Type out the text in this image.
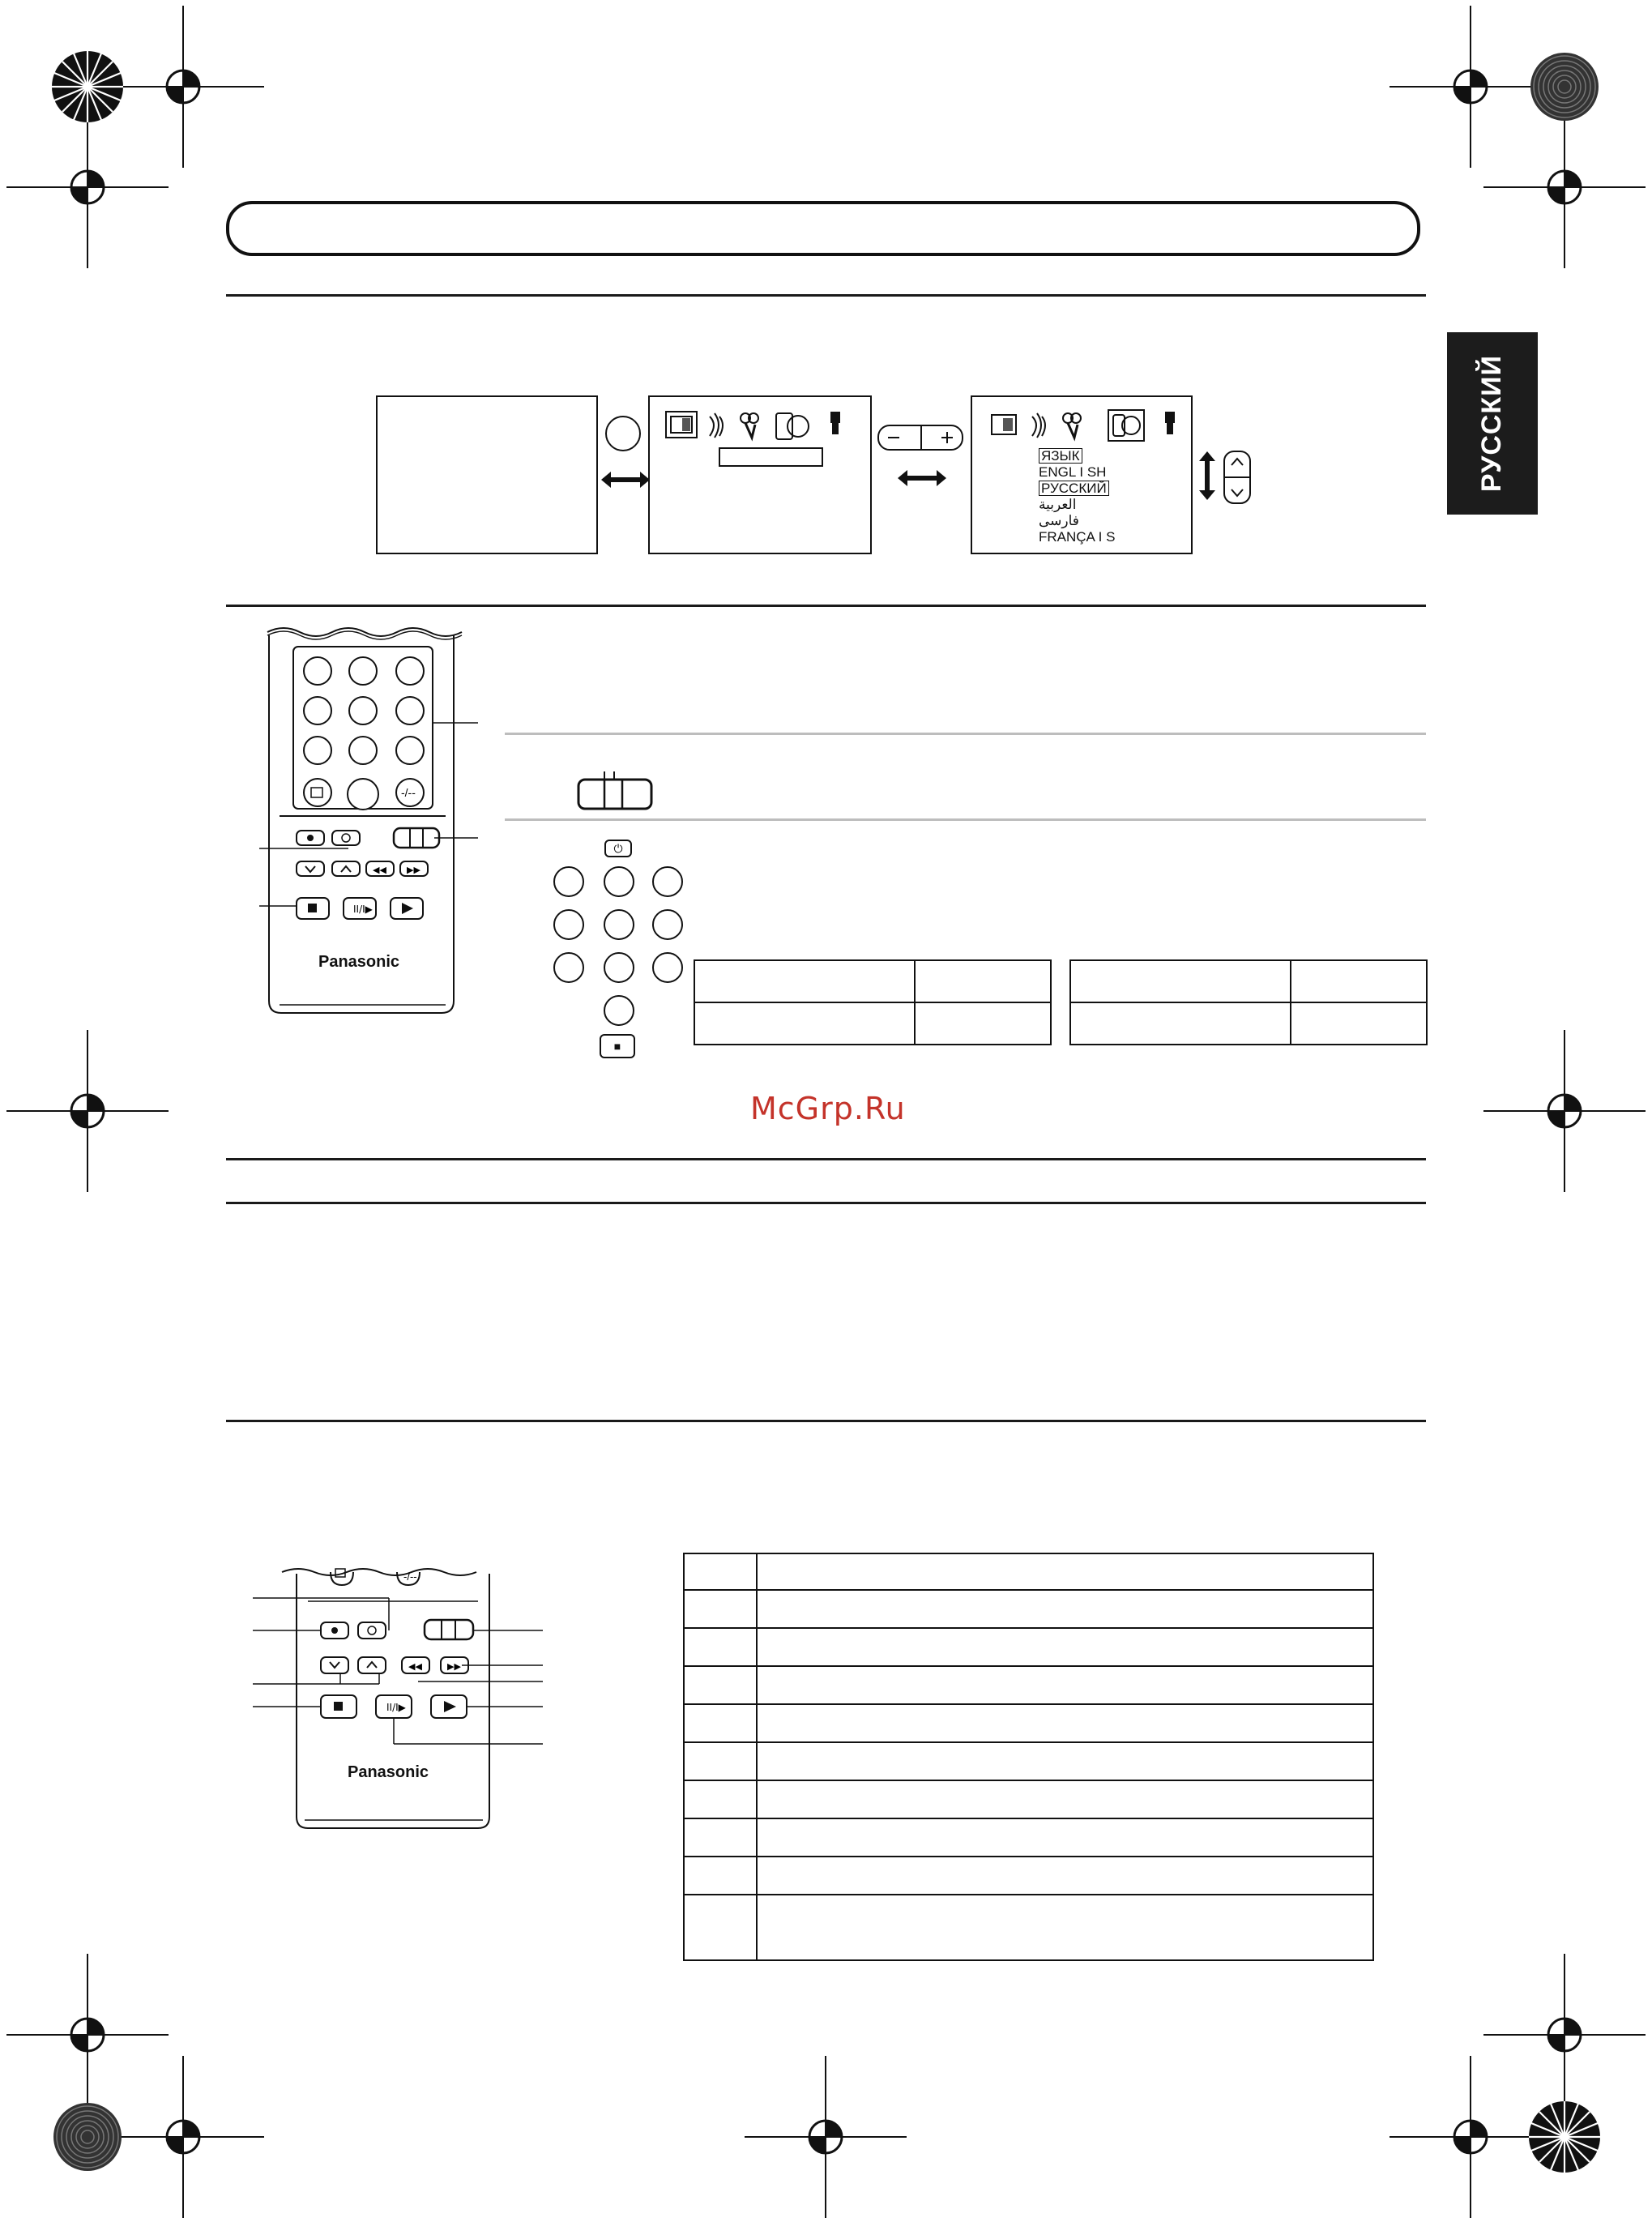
РУССКИЙ
ЯЗЫК
ENGL I SH
РУССКИЙ
العربية
فارسی
FRANÇA I S
-/--
◀◀ ▶▶
II/I▶
Panasonic
⏻
■

McGrp.Ru
-/--
◀◀	▶▶
II/I▶
Panasonic
